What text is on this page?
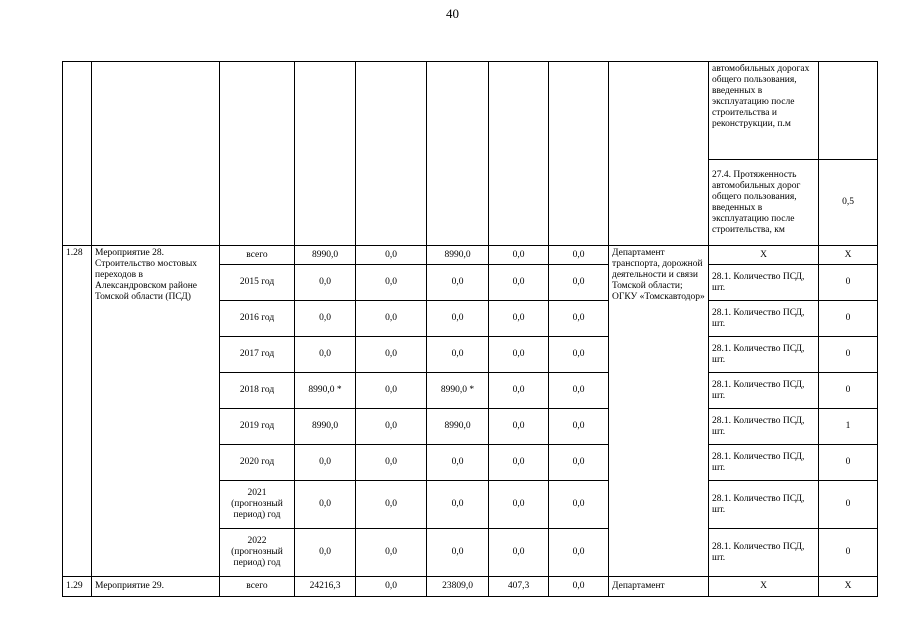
40
									автомобильных дорогах общего пользования, введенных в эксплуатацию после строительства и реконструкции, п.м	
									27.4. Протяженность автомобильных дорог общего пользования, введенных в эксплуатацию после строительства, км	0,5
1.28	Мероприятие 28. Строительство мостовых переходов в Александровском районе Томской области (ПСД)	всего	8990,0	0,0	8990,0	0,0	0,0	Департамент транспорта, дорожной деятельности и связи Томской области; ОГКУ «Томскавтодор»	X	X
		2015 год	0,0	0,0	0,0	0,0	0,0		28.1. Количество ПСД, шт.	0
		2016 год	0,0	0,0	0,0	0,0	0,0		28.1. Количество ПСД, шт.	0
		2017 год	0,0	0,0	0,0	0,0	0,0		28.1. Количество ПСД, шт.	0
		2018 год	8990,0 *	0,0	8990,0 *	0,0	0,0		28.1. Количество ПСД, шт.	0
		2019 год	8990,0	0,0	8990,0	0,0	0,0		28.1. Количество ПСД, шт.	1
		2020 год	0,0	0,0	0,0	0,0	0,0		28.1. Количество ПСД, шт.	0
		2021 (прогнозный период) год	0,0	0,0	0,0	0,0	0,0		28.1. Количество ПСД, шт.	0
		2022 (прогнозный период) год	0,0	0,0	0,0	0,0	0,0		28.1. Количество ПСД, шт.	0
1.29	Мероприятие 29.	всего	24216,3	0,0	23809,0	407,3	0,0	Департамент	X	X
